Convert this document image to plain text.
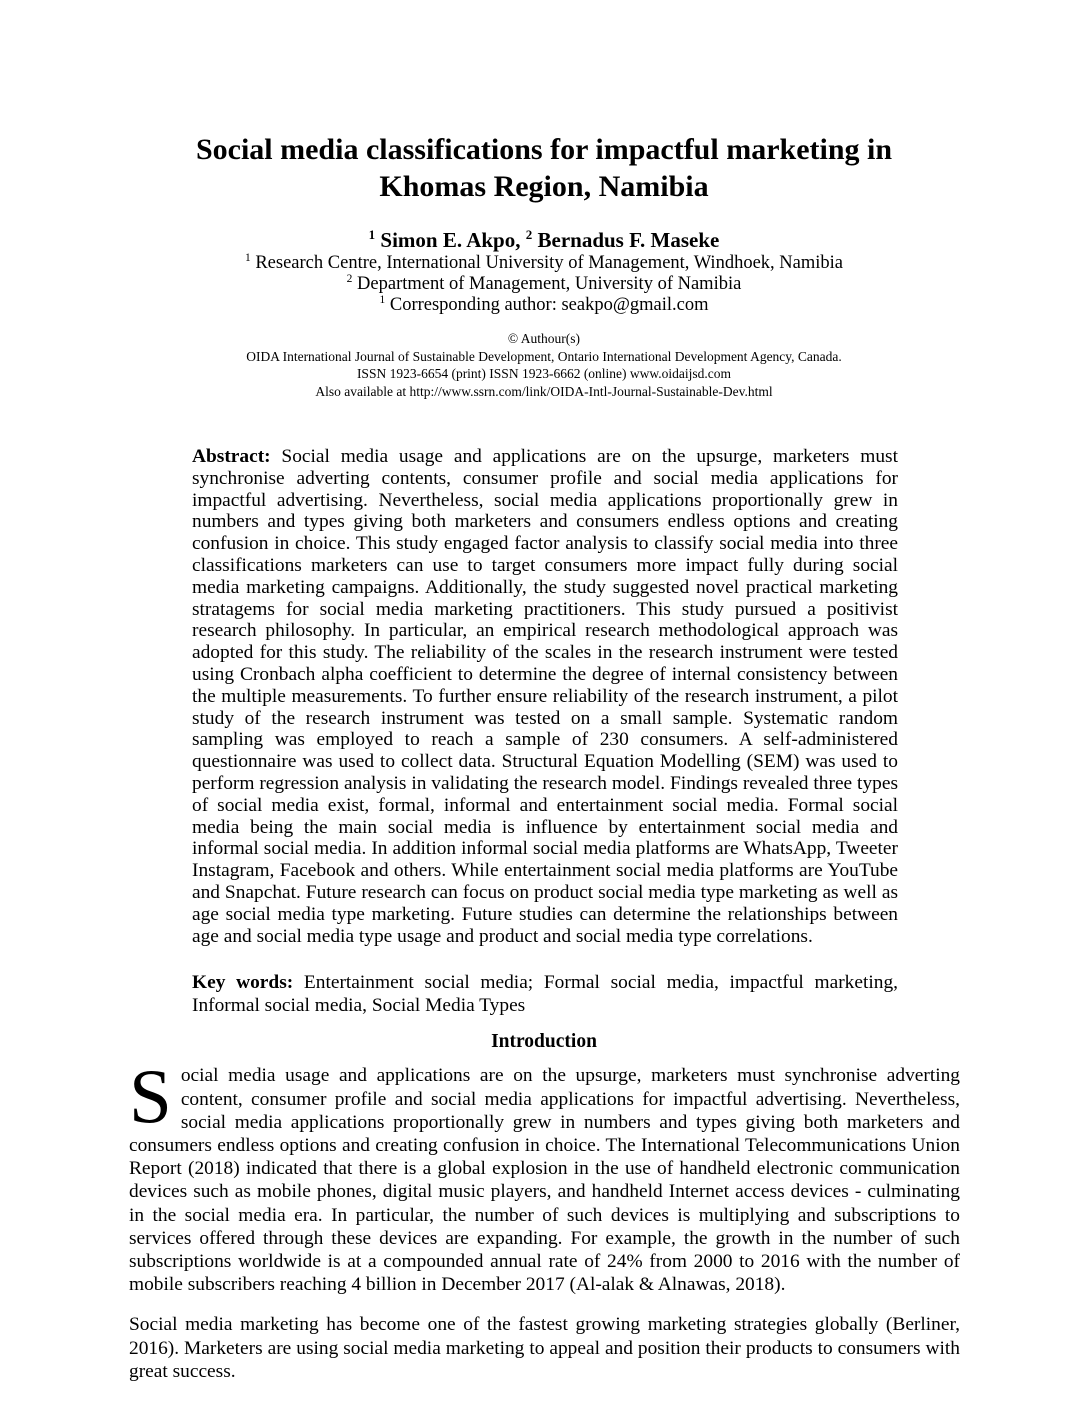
Social media classifications for impactful marketing in
Khomas Region, Namibia
$^1$ Simon E. Akpo, $^2$ Bernadus F. Maseke
$^1$ Research Centre, International University of Management, Windhoek, Namibia
$^2$ Department of Management, University of Namibia
$^1$ Corresponding author: seakpo@gmail.com
© Authour(s)
OIDA International Journal of Sustainable Development, Ontario International Development Agency, Canada.
ISSN 1923-6654 (print) ISSN 1923-6662 (online) www.oidaijsd.com
Also available at http://www.ssrn.com/link/OIDA-Intl-Journal-Sustainable-Dev.html
Abstract: Social media usage and applications are on the upsurge, marketers must synchronise adverting contents, consumer profile and social media applications for impactful advertising. Nevertheless, social media applications proportionally grew in numbers and types giving both marketers and consumers endless options and creating confusion in choice. This study engaged factor analysis to classify social media into three classifications marketers can use to target consumers more impact fully during social media marketing campaigns. Additionally, the study suggested novel practical marketing stratagems for social media marketing practitioners. This study pursued a positivist research philosophy. In particular, an empirical research methodological approach was adopted for this study. The reliability of the scales in the research instrument were tested using Cronbach alpha coefficient to determine the degree of internal consistency between the multiple measurements. To further ensure reliability of the research instrument, a pilot study of the research instrument was tested on a small sample. Systematic random sampling was employed to reach a sample of 230 consumers. A self-administered questionnaire was used to collect data. Structural Equation Modelling (SEM) was used to perform regression analysis in validating the research model. Findings revealed three types of social media exist, formal, informal and entertainment social media. Formal social media being the main social media is influence by entertainment social media and informal social media. In addition informal social media platforms are WhatsApp, Tweeter Instagram, Facebook and others. While entertainment social media platforms are YouTube and Snapchat. Future research can focus on product social media type marketing as well as age social media type marketing. Future studies can determine the relationships between age and social media type usage and product and social media type correlations.
Key words: Entertainment social media; Formal social media, impactful marketing, Informal social media, Social Media Types
Introduction
Social media usage and applications are on the upsurge, marketers must synchronise adverting content, consumer profile and social media applications for impactful advertising. Nevertheless, social media applications proportionally grew in numbers and types giving both marketers and consumers endless options and creating confusion in choice. The International Telecommunications Union Report (2018) indicated that there is a global explosion in the use of handheld electronic communication devices such as mobile phones, digital music players, and handheld Internet access devices - culminating in the social media era. In particular, the number of such devices is multiplying and subscriptions to services offered through these devices are expanding. For example, the growth in the number of such subscriptions worldwide is at a compounded annual rate of 24% from 2000 to 2016 with the number of mobile subscribers reaching 4 billion in December 2017 (Al-alak & Alnawas, 2018).
Social media marketing has become one of the fastest growing marketing strategies globally (Berliner, 2016). Marketers are using social media marketing to appeal and position their products to consumers with great success.
